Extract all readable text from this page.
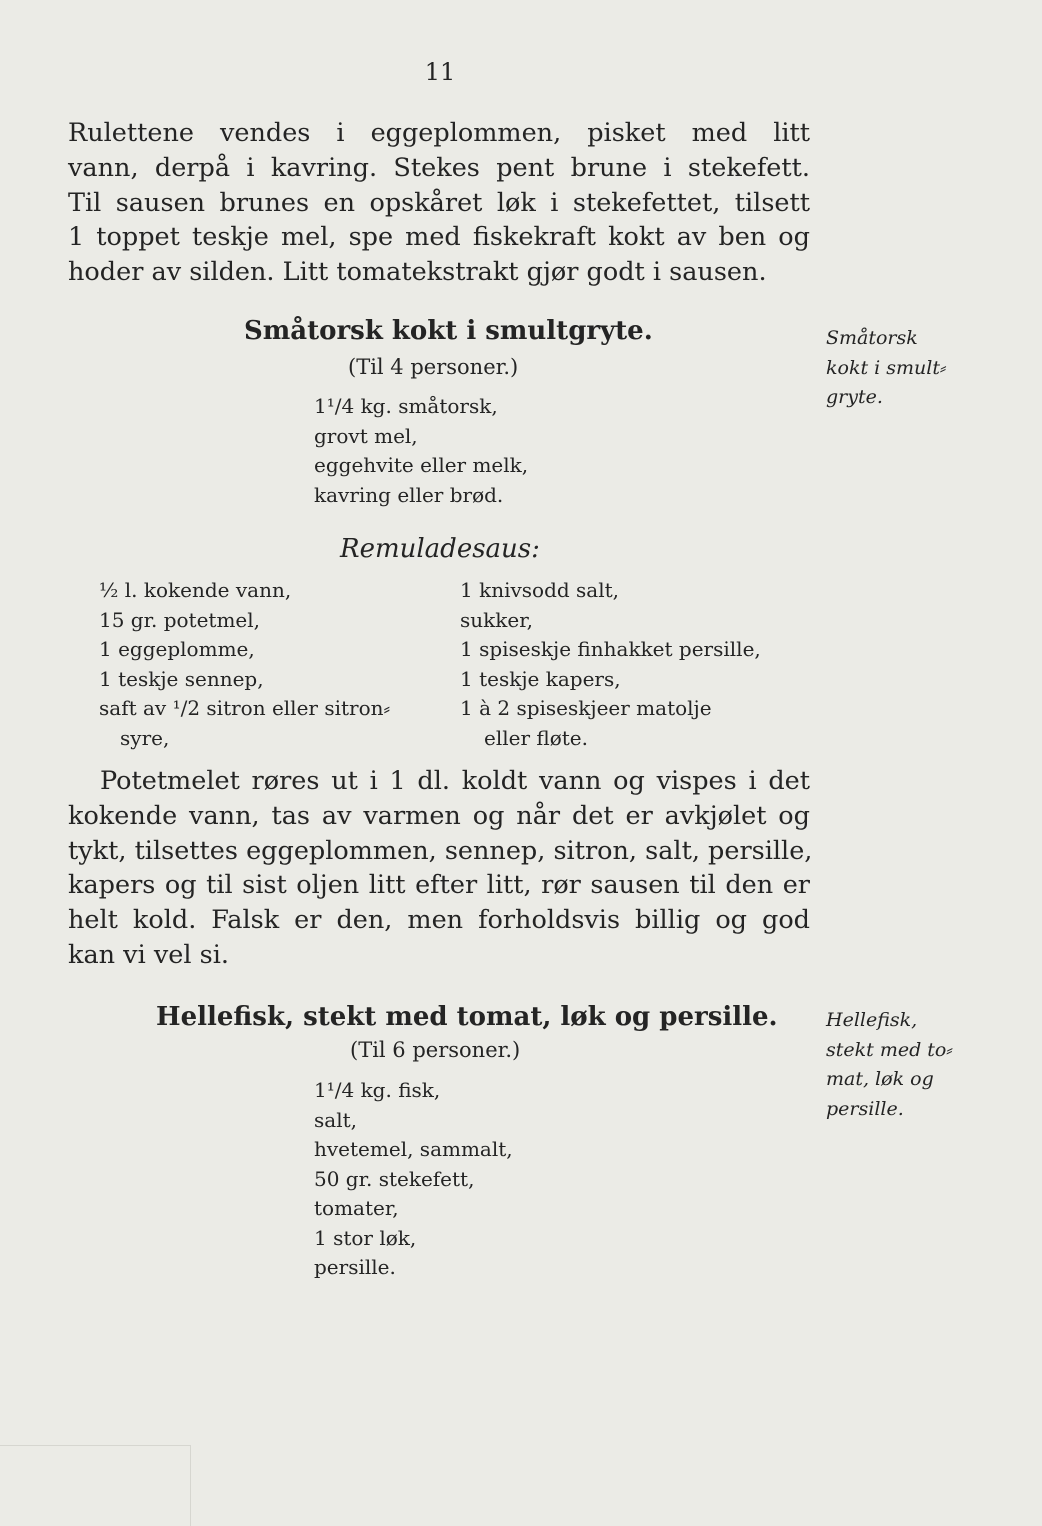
11
Rulettene vendes i eggeplommen, pisket med litt
vann, derpå i kavring. Stekes pent brune i stekefett.
Til sausen brunes en opskåret løk i stekefettet, tilsett
1 toppet teskje mel, spe med fiskekraft kokt av ben og
hoder av silden. Litt tomatekstrakt gjør godt i sausen.
Småtorsk kokt i smultgryte.
(Til 4 personer.)
Småtorsk
kokt i smult⸗
gryte.
1¹/4 kg. småtorsk,
grovt mel,
eggehvite eller melk,
kavring eller brød.
Remuladesaus:
½ l. kokende vann,
15 gr. potetmel,
1 eggeplomme,
1 teskje sennep,
saft av ¹/2 sitron eller sitron⸗
syre,
1 knivsodd salt,
sukker,
1 spiseskje finhakket persille,
1 teskje kapers,
1 à 2 spiseskjeer matolje
eller fløte.
Potetmelet røres ut i 1 dl. koldt vann og vispes i det
kokende vann, tas av varmen og når det er avkjølet og
tykt, tilsettes eggeplommen, sennep, sitron, salt, persille,
kapers og til sist oljen litt efter litt, rør sausen til den er
helt kold. Falsk er den, men forholdsvis billig og god
kan vi vel si.
Hellefisk, stekt med tomat, løk og persille.
(Til 6 personer.)
Hellefisk,
stekt med to⸗
mat, løk og
persille.
1¹/4 kg. fisk,
salt,
hvetemel, sammalt,
50 gr. stekefett,
tomater,
1 stor løk,
persille.
